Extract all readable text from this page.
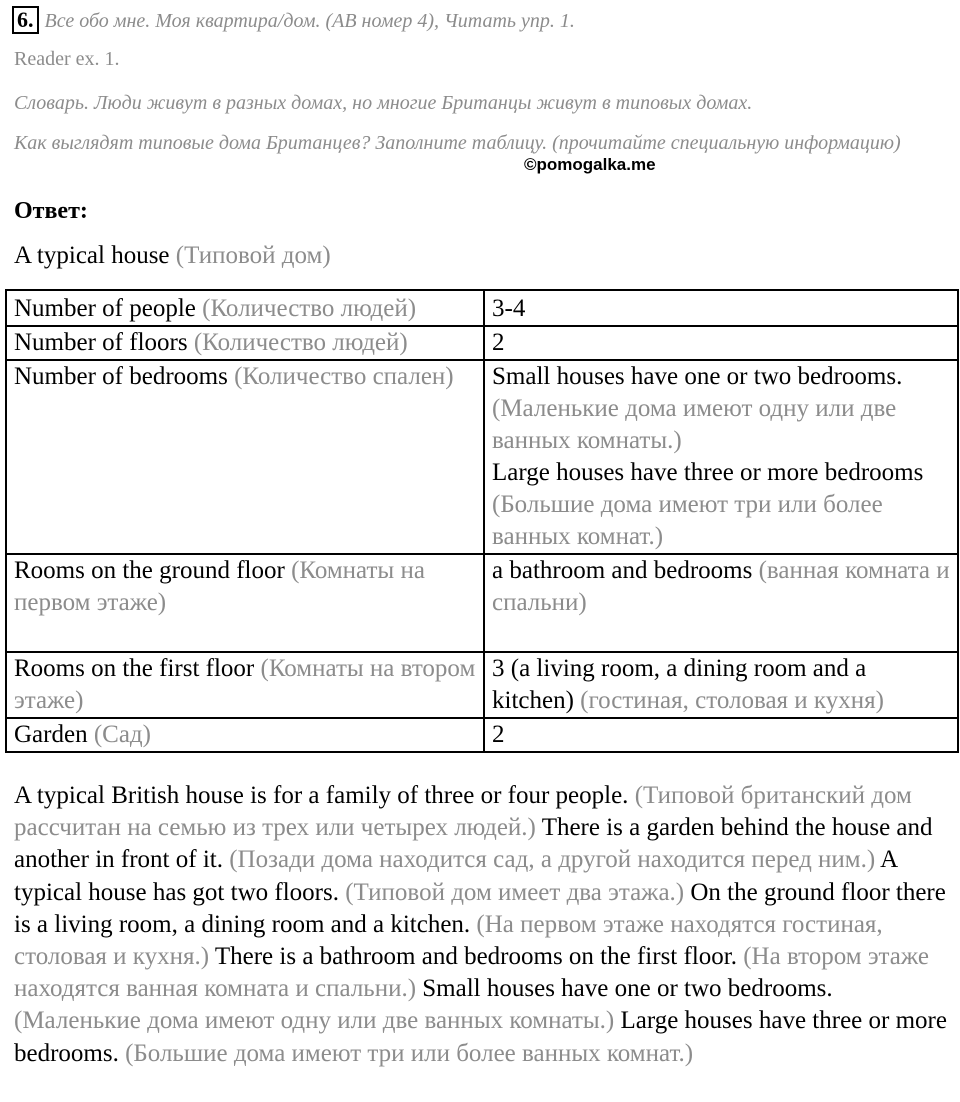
6. Все обо мне. Моя квартира/дом. (АВ номер 4), Читать упр. 1.
Reader ex. 1.
Словарь. Люди живут в разных домах, но многие Британцы живут в типовых домах.
Как выглядят типовые дома Британцев? Заполните таблицу. (прочитайте специальную информацию)
©pomogalka.me
Ответ:
A typical house (Типовой дом)
Number of people (Количество людей)	3-4
Number of floors (Количество людей)	2
Number of bedrooms (Количество спален)	Small houses have one or two bedrooms. (Маленькие дома имеют одну или две ванных комнаты.)
Large houses have three or more bedrooms (Большие дома имеют три или более ванных комнат.)

Rooms on the ground floor (Комнаты на первом этаже)	a bathroom and bedrooms (ванная комната и спальни)
Rooms on the first floor (Комнаты на втором этаже)	3 (a living room, a dining room and a kitchen) (гостиная, столовая и кухня)
Garden (Сад)	2
A typical British house is for a family of three or four people. (Типовой британский дом рассчитан на семью из трех или четырех людей.) There is a garden behind the house and another in front of it. (Позади дома находится сад, а другой находится перед ним.) A typical house has got two floors. (Типовой дом имеет два этажа.) On the ground floor there is a living room, a dining room and a kitchen. (На первом этаже находятся гостиная, столовая и кухня.) There is a bathroom and bedrooms on the first floor. (На втором этаже находятся ванная комната и спальни.) Small houses have one or two bedrooms. (Маленькие дома имеют одну или две ванных комнаты.) Large houses have three or more bedrooms. (Большие дома имеют три или более ванных комнат.)
